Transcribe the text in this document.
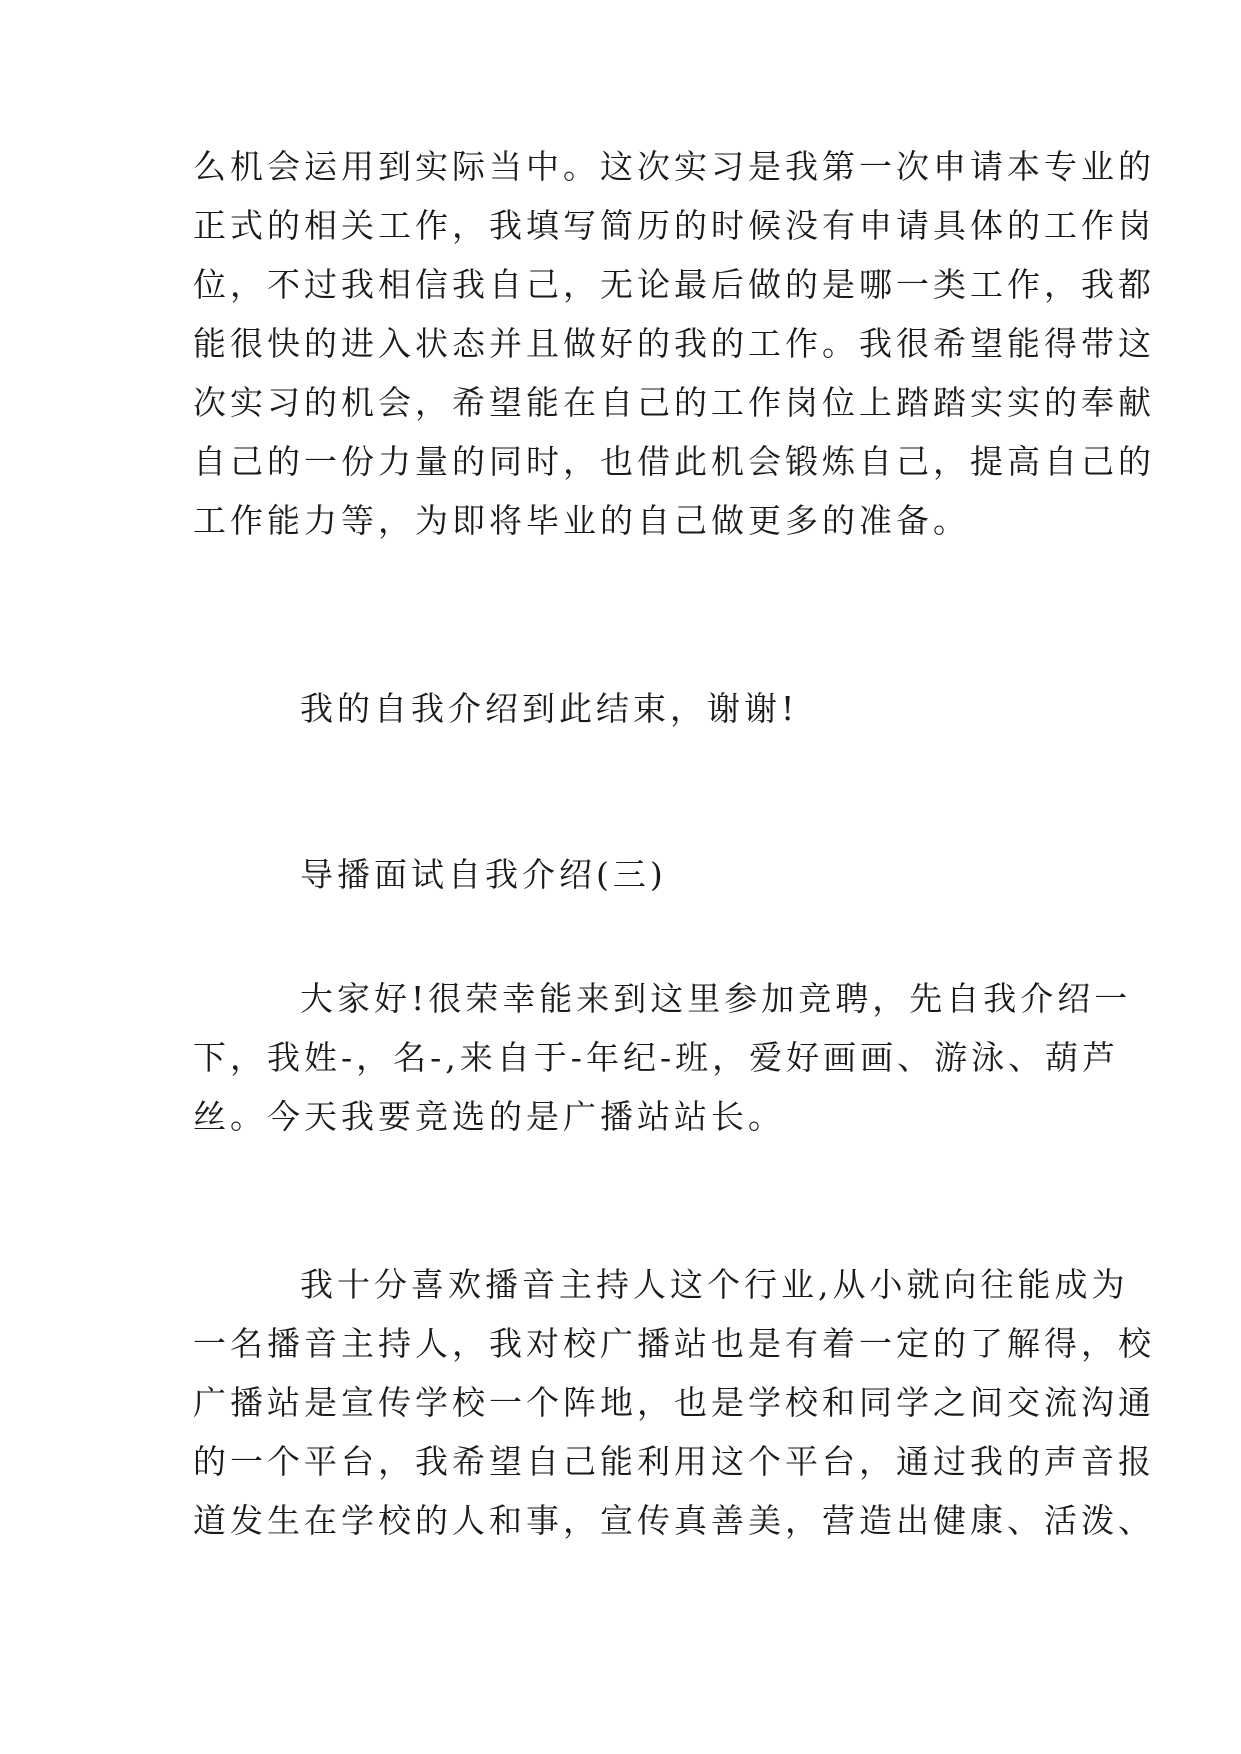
么机会运用到实际当中。这次实习是我第一次申请本专业的
正式的相关工作，我填写简历的时候没有申请具体的工作岗
位，不过我相信我自己，无论最后做的是哪一类工作，我都
能很快的进入状态并且做好的我的工作。我很希望能得带这
次实习的机会，希望能在自己的工作岗位上踏踏实实的奉献
自己的一份力量的同时，也借此机会锻炼自己，提高自己的
工作能力等，为即将毕业的自己做更多的准备。
我的自我介绍到此结束，谢谢!
导播面试自我介绍(三)
大家好!很荣幸能来到这里参加竞聘，先自我介绍一
下，我姓-，名-,来自于-年纪-班，爱好画画、游泳、葫芦
丝。今天我要竞选的是广播站站长。
我十分喜欢播音主持人这个行业,从小就向往能成为
一名播音主持人，我对校广播站也是有着一定的了解得，校
广播站是宣传学校一个阵地，也是学校和同学之间交流沟通
的一个平台，我希望自己能利用这个平台，通过我的声音报
道发生在学校的人和事，宣传真善美，营造出健康、活泼、
